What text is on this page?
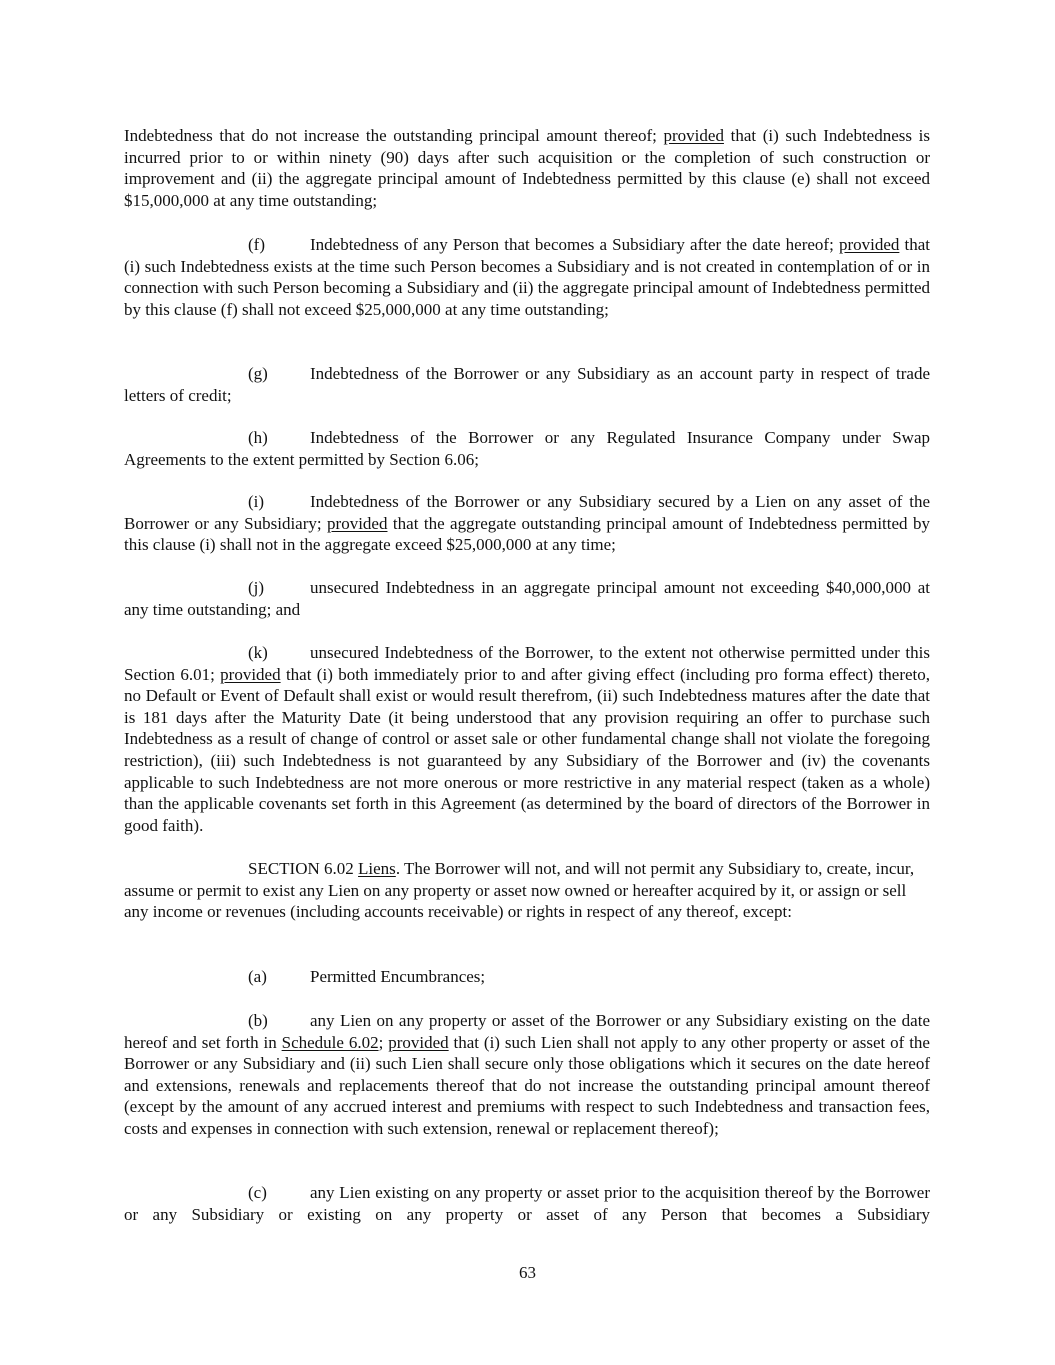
Indebtedness that do not increase the outstanding principal amount thereof; provided that (i) such Indebtedness is incurred prior to or within ninety (90) days after such acquisition or the completion of such construction or improvement and (ii) the aggregate principal amount of Indebtedness permitted by this clause (e) shall not exceed $15,000,000 at any time outstanding;

(f)	Indebtedness of any Person that becomes a Subsidiary after the date hereof; provided that (i) such Indebtedness exists at the time such Person becomes a Subsidiary and is not created in contemplation of or in connection with such Person becoming a Subsidiary and (ii) the aggregate principal amount of Indebtedness permitted by this clause (f) shall not exceed $25,000,000 at any time outstanding;

(g) Indebtedness of the Borrower or any Subsidiary as an account party in respect of trade letters of credit;

(h) Indebtedness of the Borrower or any Regulated Insurance Company under Swap Agreements to the extent permitted by Section 6.06;

(i)	Indebtedness of the Borrower or any Subsidiary secured by a Lien on any asset of the Borrower or any Subsidiary; provided that the aggregate outstanding principal amount of Indebtedness permitted by this clause (i) shall not in the aggregate exceed $25,000,000 at any time;

(j)	unsecured Indebtedness in an aggregate principal amount not exceeding $40,000,000 at any time outstanding; and

(k) unsecured Indebtedness of the Borrower, to the extent not otherwise permitted under this Section 6.01; provided that (i) both immediately prior to and after giving effect (including pro forma effect) thereto, no Default or Event of Default shall exist or would result therefrom, (ii) such Indebtedness matures after the date that is 181 days after the Maturity Date (it being understood that any provision requiring an offer to purchase such Indebtedness as a result of change of control or asset sale or other fundamental change shall not violate the foregoing restriction), (iii) such Indebtedness is not guaranteed by any Subsidiary of the Borrower and (iv) the covenants applicable to such Indebtedness are not more onerous or more restrictive in any material respect (taken as a whole) than the applicable covenants set forth in this Agreement (as determined by the board of directors of the Borrower in good faith).

SECTION 6.02 Liens. The Borrower will not, and will not permit any Subsidiary to, create, incur, assume or permit to exist any Lien on any property or asset now owned or hereafter acquired by it, or assign or sell any income or revenues (including accounts receivable) or rights in respect of any thereof, except:

(a)	Permitted Encumbrances;

(b) any Lien on any property or asset of the Borrower or any Subsidiary existing on the date hereof and set forth in Schedule 6.02; provided that (i) such Lien shall not apply to any other property or asset of the Borrower or any Subsidiary and (ii) such Lien shall secure only those obligations which it secures on the date hereof and extensions, renewals and replacements thereof that do not increase the outstanding principal amount thereof (except by the amount of any accrued interest and premiums with respect to such Indebtedness and transaction fees, costs and expenses in connection with such extension, renewal or replacement thereof);

(c)	any Lien existing on any property or asset prior to the acquisition thereof by the Borrower or any Subsidiary or existing on any property or asset of any Person that becomes a Subsidiary

63
